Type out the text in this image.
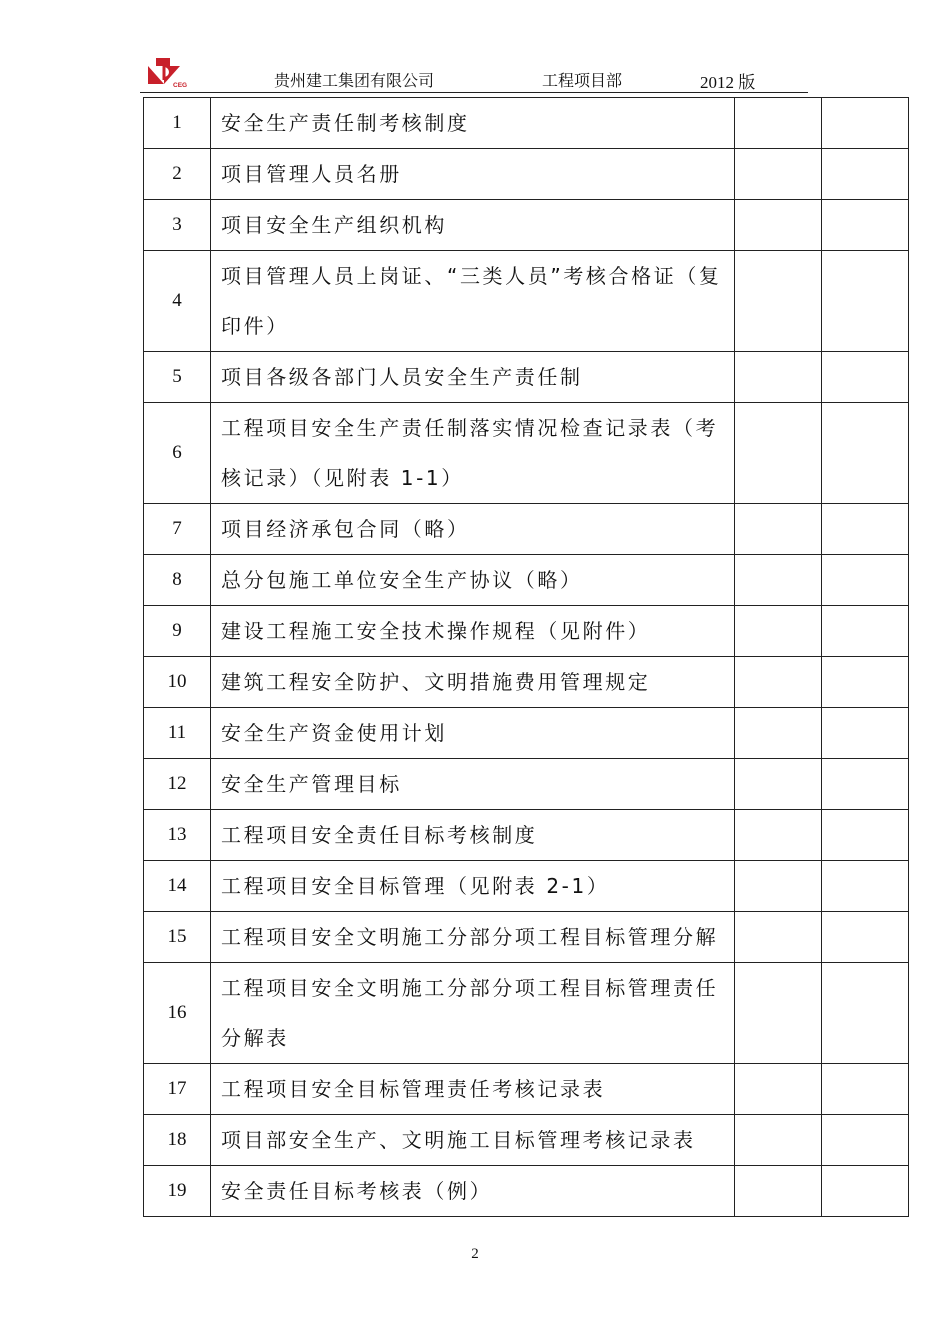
CEG	贵州建工集团有限公司	工程项目部	2012 版
1	安全生产责任制考核制度		
2	项目管理人员名册		
3	项目安全生产组织机构		
4	项目管理人员上岗证、“三类人员”考核合格证（复印件）		
5	项目各级各部门人员安全生产责任制		
6	工程项目安全生产责任制落实情况检查记录表（考核记录）（见附表 1-1）		
7	项目经济承包合同（略）		
8	总分包施工单位安全生产协议（略）		
9	建设工程施工安全技术操作规程（见附件）		
10	建筑工程安全防护、文明措施费用管理规定		
11	安全生产资金使用计划		
12	安全生产管理目标		
13	工程项目安全责任目标考核制度		
14	工程项目安全目标管理（见附表 2-1）		
15	工程项目安全文明施工分部分项工程目标管理分解		
16	工程项目安全文明施工分部分项工程目标管理责任分解表		
17	工程项目安全目标管理责任考核记录表		
18	项目部安全生产、文明施工目标管理考核记录表		
19	安全责任目标考核表（例）		
2
